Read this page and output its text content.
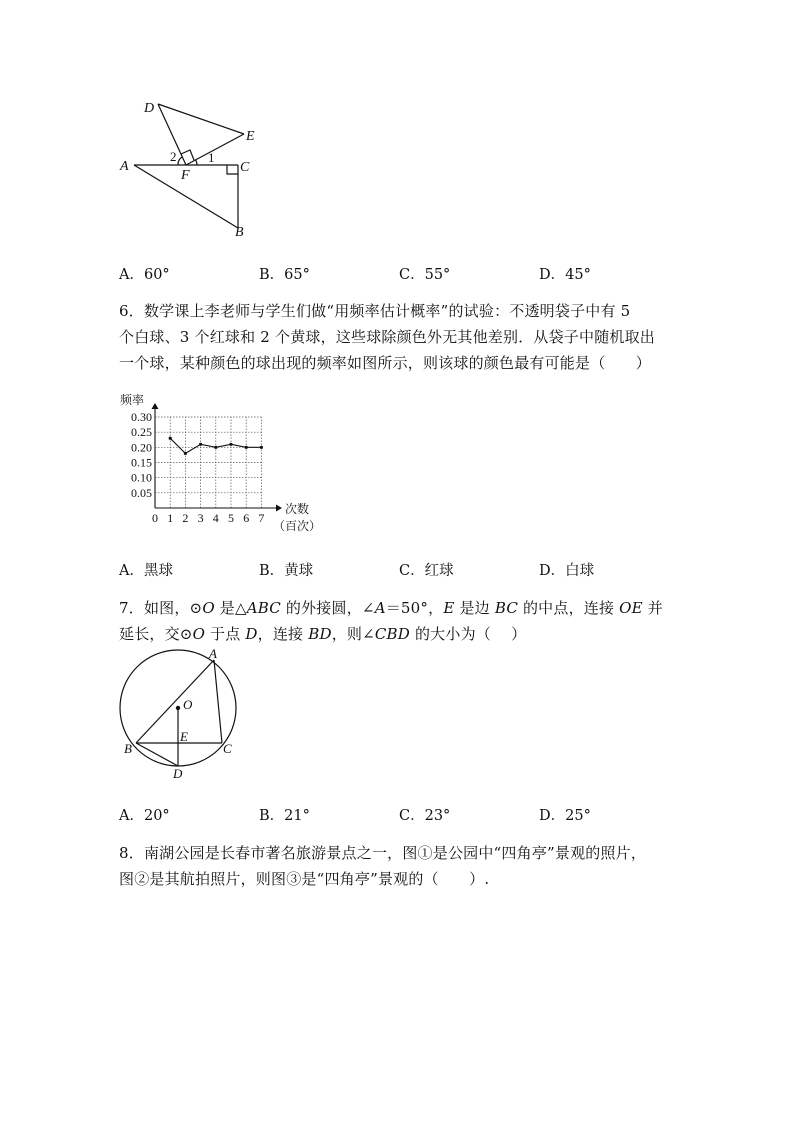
D
E
A	C
F
B
2 1
A．60°	B．65°	C．55°	D．45°
6．数学课上李老师与学生们做“用频率估计概率”的试验：不透明袋子中有 5
个白球、3 个红球和 2 个黄球，这些球除颜色外无其他差别．从袋子中随机取出
一个球，某种颜色的球出现的频率如图所示，则该球的颜色最有可能是（　　）
0.30
0.25
0.20
0.15
0.10
0.05
0 1 2 3 4 5 6 7
频率
次数
（百次）
A．黑球	B．黄球	C．红球	D．白球
7．如图，⊙O 是△ABC 的外接圆，∠A＝50°，E 是边 BC 的中点，连接 OE 并
延长，交⊙O 于点 D，连接 BD，则∠CBD 的大小为（　 ）
A
O
E
B	C
D
A．20°	B．21°	C．23°	D．25°
8．南湖公园是长春市著名旅游景点之一，图①是公园中“四角亭”景观的照片，
图②是其航拍照片，则图③是“四角亭”景观的（　　）.
